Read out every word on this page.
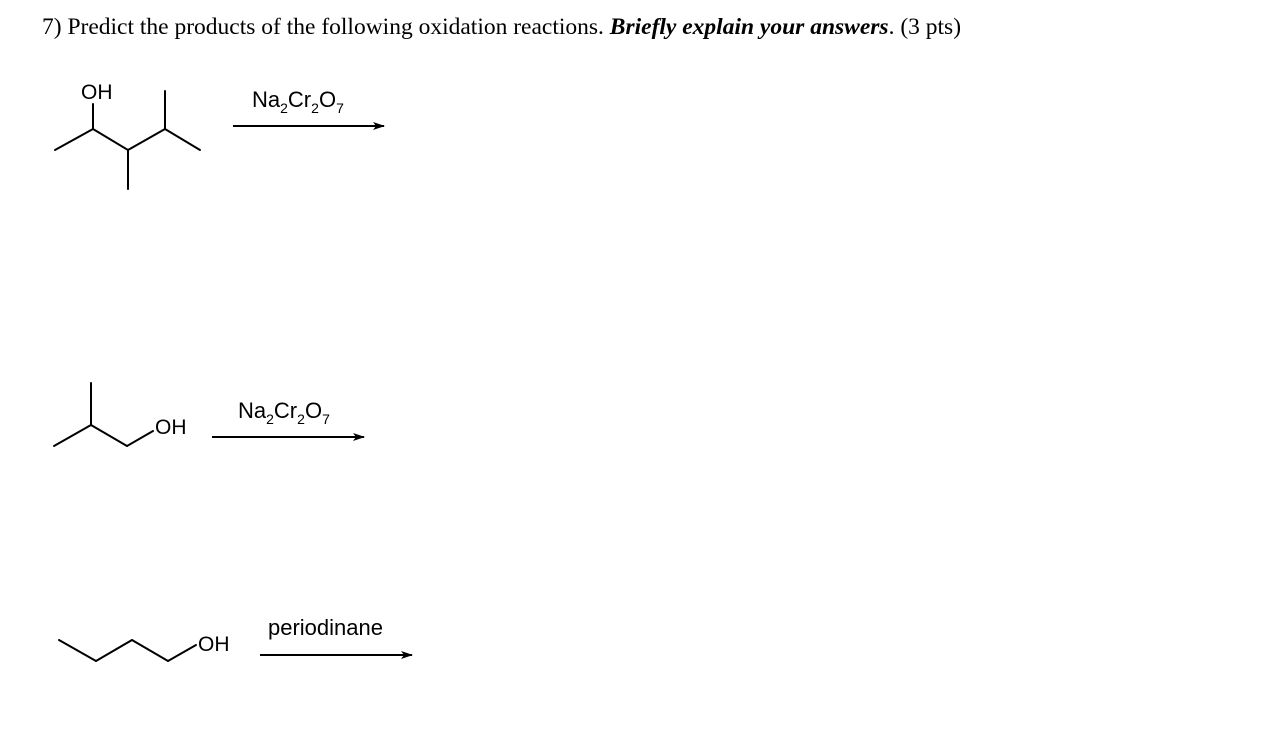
7) Predict the products of the following oxidation reactions. Briefly explain your answers. (3 pts)
OH	$Na_2Cr_2O_7$
OH
$Na_2Cr_2O_7$
OH
periodinane
